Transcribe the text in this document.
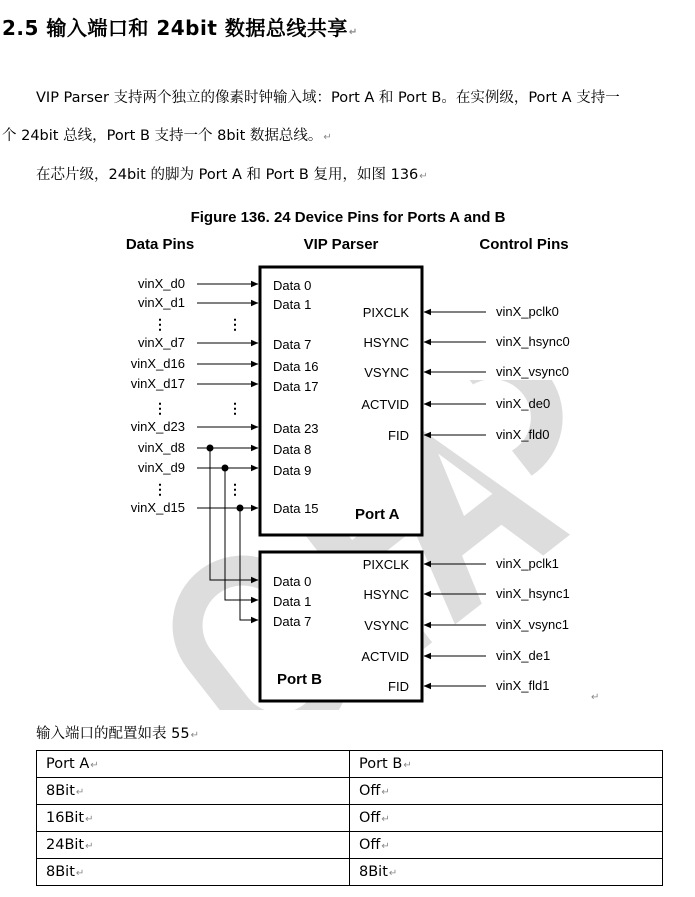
2.5 输入端口和 24bit 数据总线共享↵
VIP Parser 支持两个独立的像素时钟输入域：Port A 和 Port B。在实例级，Port A 支持一
个 24bit 总线，Port B 支持一个 8bit 数据总线。↵
在芯片级，24bit 的脚为 Port A 和 Port B 复用，如图 136↵
Figure 136. 24 Device Pins for Ports A and B
Data Pins	VIP Parser	Control Pins
Port A
Port B
vinX_d0	Data 0
vinX_d1	Data 1
vinX_d7	Data 7
vinX_d16	Data 16
vinX_d17	Data 17
vinX_d23	Data 23
vinX_d8	Data 8
vinX_d9	Data 9
vinX_d15	Data 15
⋮	⋮
⋮	⋮
⋮	⋮
PIXCLK	vinX_pclk0
HSYNC	vinX_hsync0
VSYNC	vinX_vsync0
ACTVID	vinX_de0
FID	vinX_fld0
Data 0
Data 1
Data 7
PIXCLK	vinX_pclk1
HSYNC	vinX_hsync1
VSYNC	vinX_vsync1
ACTVID	vinX_de1
FID	vinX_fld1
↵
输入端口的配置如表 55↵
Port A↵	Port B↵
8Bit↵	Off↵
16Bit↵	Off↵
24Bit↵	Off↵
8Bit↵	8Bit↵
